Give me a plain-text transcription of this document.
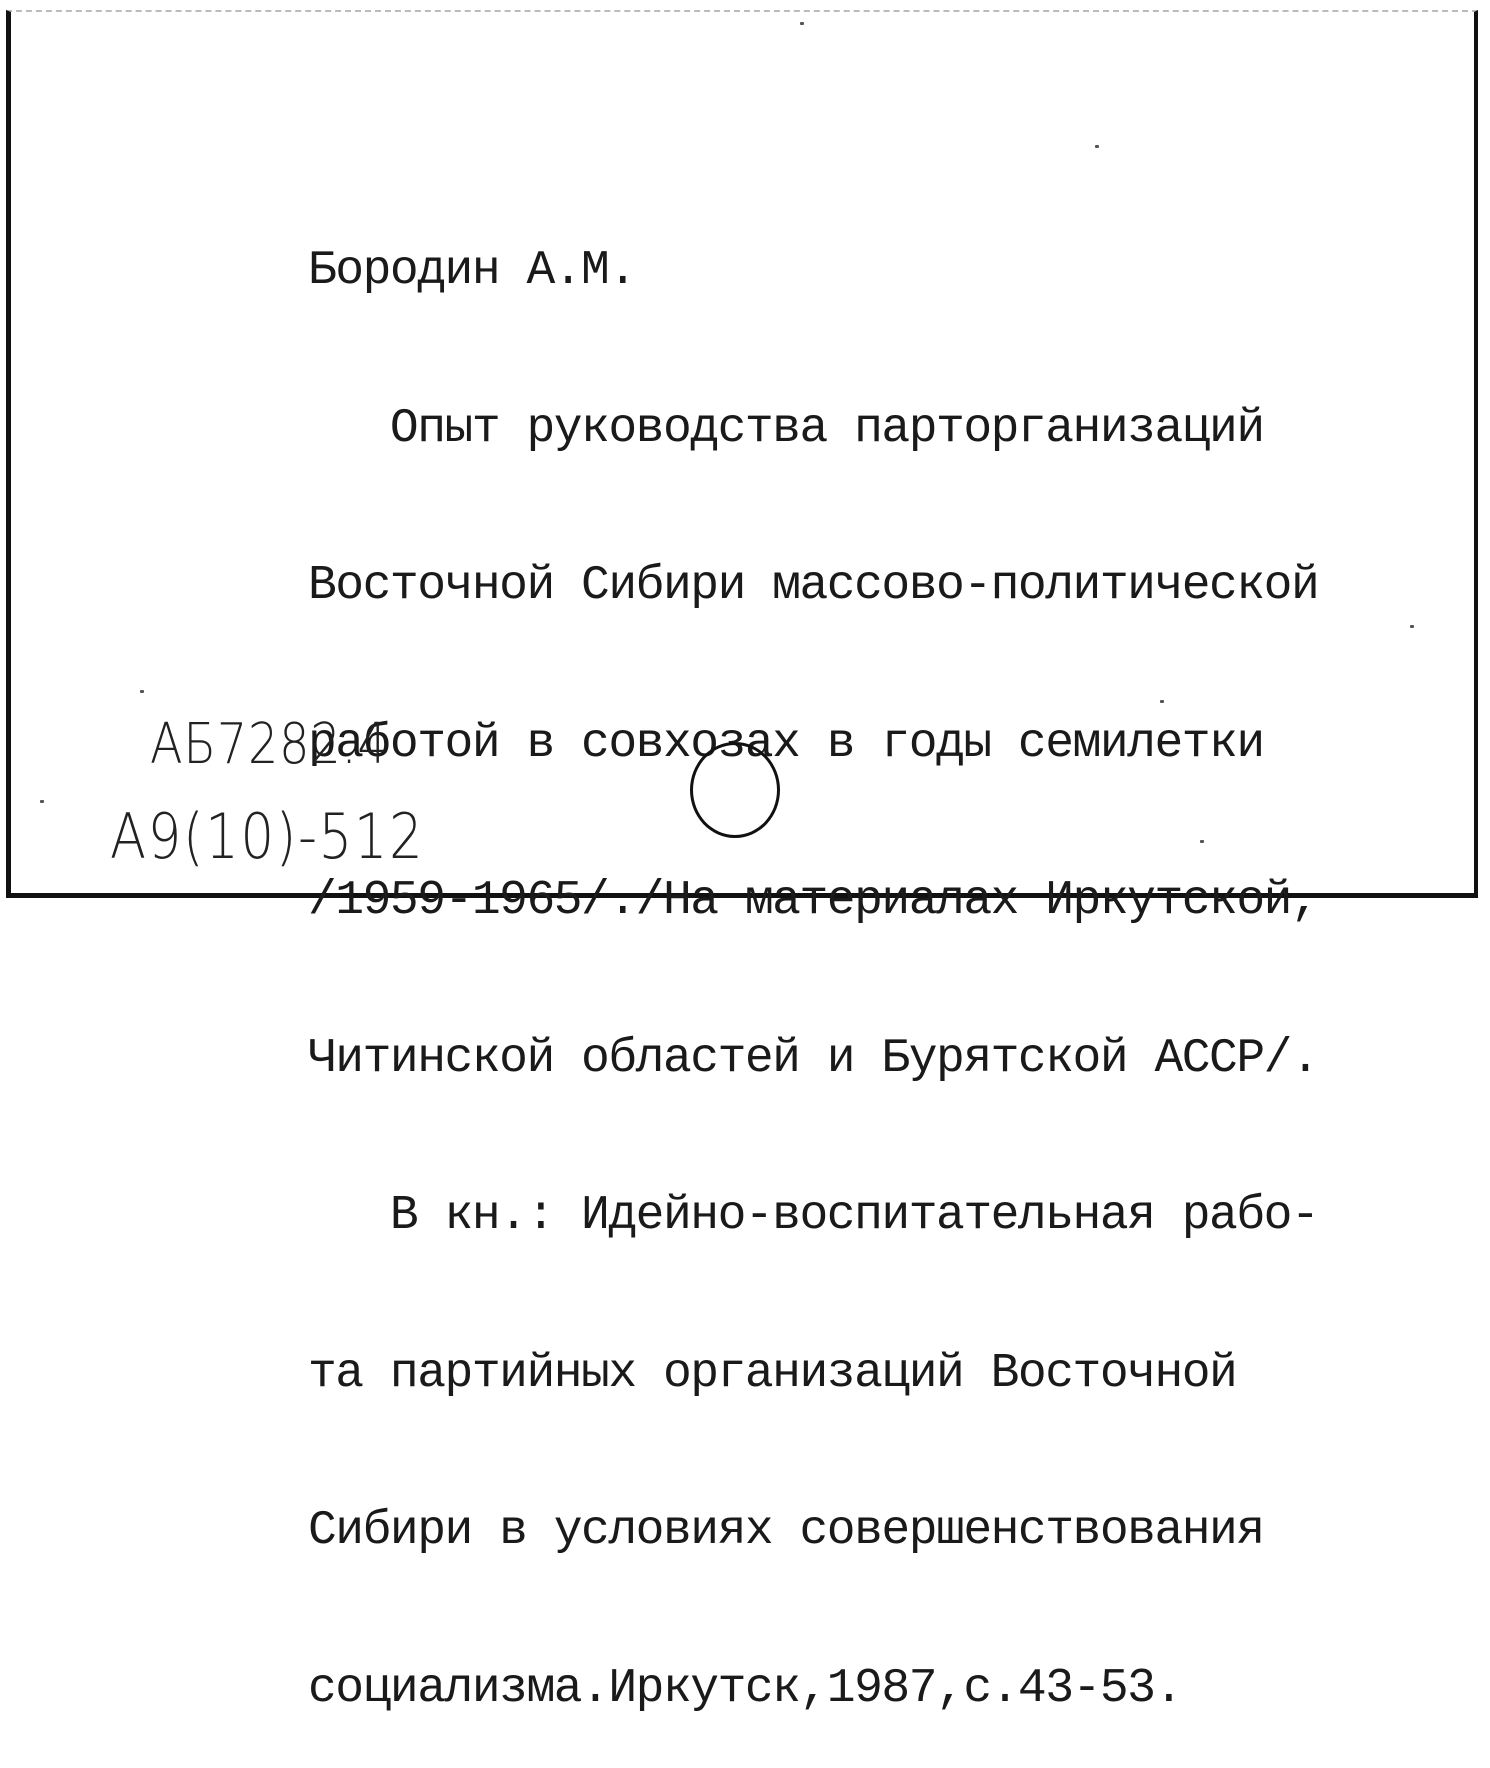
Бородин А.М.

Опыт руководства парторганизаций

Восточной Сибири массово-политической

работой в совхозах в годы семилетки

/1959-1965/./На материалах Иркутской,

Читинской областей и Бурятской АССР/.

В кн.: Идейно-воспитательная рабо-

та партийных организаций Восточной

Сибири в условиях совершенствования

социализма.Иркутск,1987,с.43-53.

АБ7282.4
А9(10)-512
